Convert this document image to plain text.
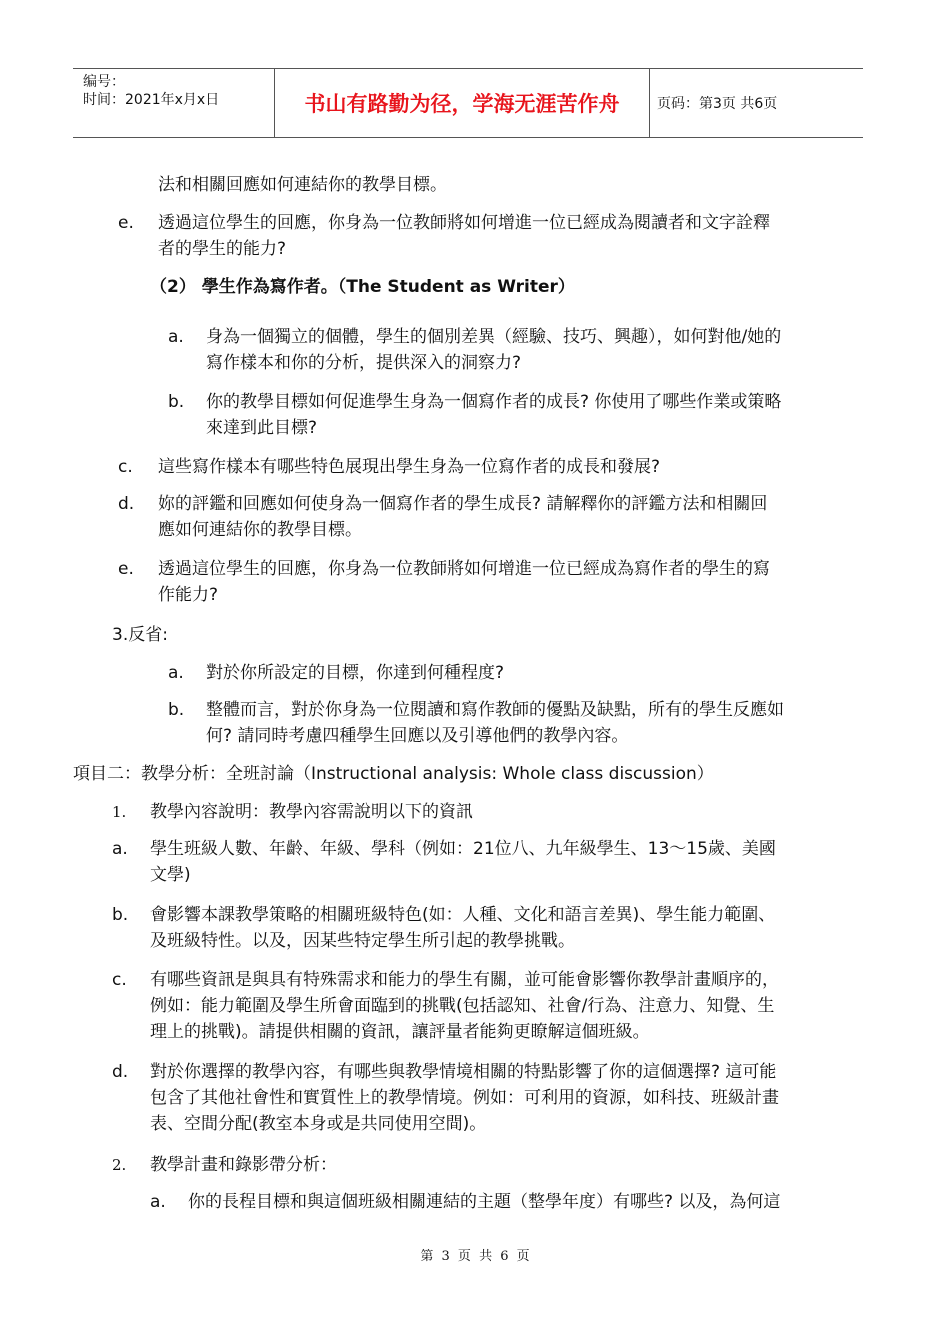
编号：
时间：2021年x月x日	书山有路勤为径，学海无涯苦作舟	页码：第3页 共6页
法和相關回應如何連結你的教學目標。
e. 透過這位學生的回應，你身為一位教師將如何增進一位已經成為閱讀者和文字詮釋
者的學生的能力?
（2） 學生作為寫作者。（The Student as Writer）
a. 身為一個獨立的個體，學生的個別差異（經驗、技巧、興趣），如何對他/她的
寫作樣本和你的分析，提供深入的洞察力?
b. 你的教學目標如何促進學生身為一個寫作者的成長? 你使用了哪些作業或策略
來達到此目標?
c. 這些寫作樣本有哪些特色展現出學生身為一位寫作者的成長和發展?
d. 妳的評鑑和回應如何使身為一個寫作者的學生成長? 請解釋你的評鑑方法和相關回
應如何連結你的教學目標。
e. 透過這位學生的回應，你身為一位教師將如何增進一位已經成為寫作者的學生的寫
作能力?
3.反省:
a. 對於你所設定的目標，你達到何種程度?
b. 整體而言，對於你身為一位閱讀和寫作教師的優點及缺點，所有的學生反應如
何? 請同時考慮四種學生回應以及引導他們的教學內容。
項目二：教學分析：全班討論（Instructional analysis: Whole class discussion）
1. 教學內容說明：教學內容需說明以下的資訊
a. 學生班級人數、年齡、年級、學科（例如：21位八、九年級學生、13～15歲、美國
文學)
b. 會影響本課教學策略的相關班級特色(如：人種、文化和語言差異)、學生能力範圍、
及班級特性。以及，因某些特定學生所引起的教學挑戰。
c. 有哪些資訊是與具有特殊需求和能力的學生有關，並可能會影響你教學計畫順序的，
例如：能力範圍及學生所會面臨到的挑戰(包括認知、社會/行為、注意力、知覺、生
理上的挑戰)。請提供相關的資訊，讓評量者能夠更瞭解這個班級。
d. 對於你選擇的教學內容，有哪些與教學情境相關的特點影響了你的這個選擇? 這可能
包含了其他社會性和實質性上的教學情境。例如：可利用的資源，如科技、班級計畫
表、空間分配(教室本身或是共同使用空間)。
2. 教學計畫和錄影帶分析：
a. 你的長程目標和與這個班級相關連結的主題（整學年度）有哪些? 以及，為何這
第 3 页 共 6 页
